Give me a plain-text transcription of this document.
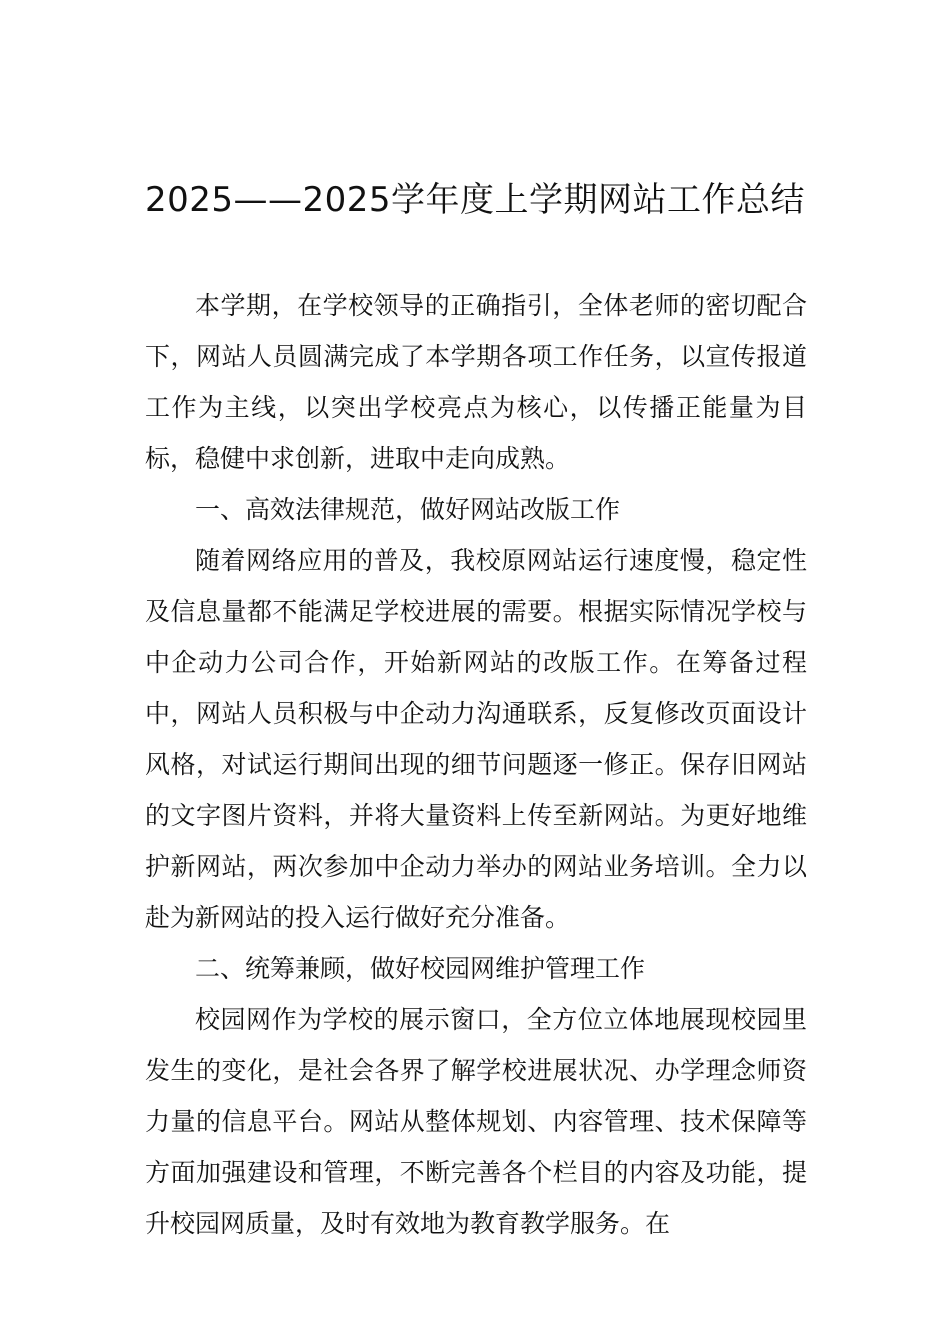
2025——2025学年度上学期网站工作总结

本学期，在学校领导的正确指引，全体老师的密切配合下，网站人员圆满完成了本学期各项工作任务，以宣传报道工作为主线，以突出学校亮点为核心，以传播正能量为目标，稳健中求创新，进取中走向成熟。

一、高效法律规范，做好网站改版工作

随着网络应用的普及，我校原网站运行速度慢，稳定性及信息量都不能满足学校进展的需要。根据实际情况学校与中企动力公司合作，开始新网站的改版工作。在筹备过程中，网站人员积极与中企动力沟通联系，反复修改页面设计风格，对试运行期间出现的细节问题逐一修正。保存旧网站的文字图片资料，并将大量资料上传至新网站。为更好地维护新网站，两次参加中企动力举办的网站业务培训。全力以赴为新网站的投入运行做好充分准备。

二、统筹兼顾，做好校园网维护管理工作

校园网作为学校的展示窗口，全方位立体地展现校园里发生的变化，是社会各界了解学校进展状况、办学理念师资力量的信息平台。网站从整体规划、内容管理、技术保障等方面加强建设和管理，不断完善各个栏目的内容及功能，提升校园网质量，及时有效地为教育教学服务。在
